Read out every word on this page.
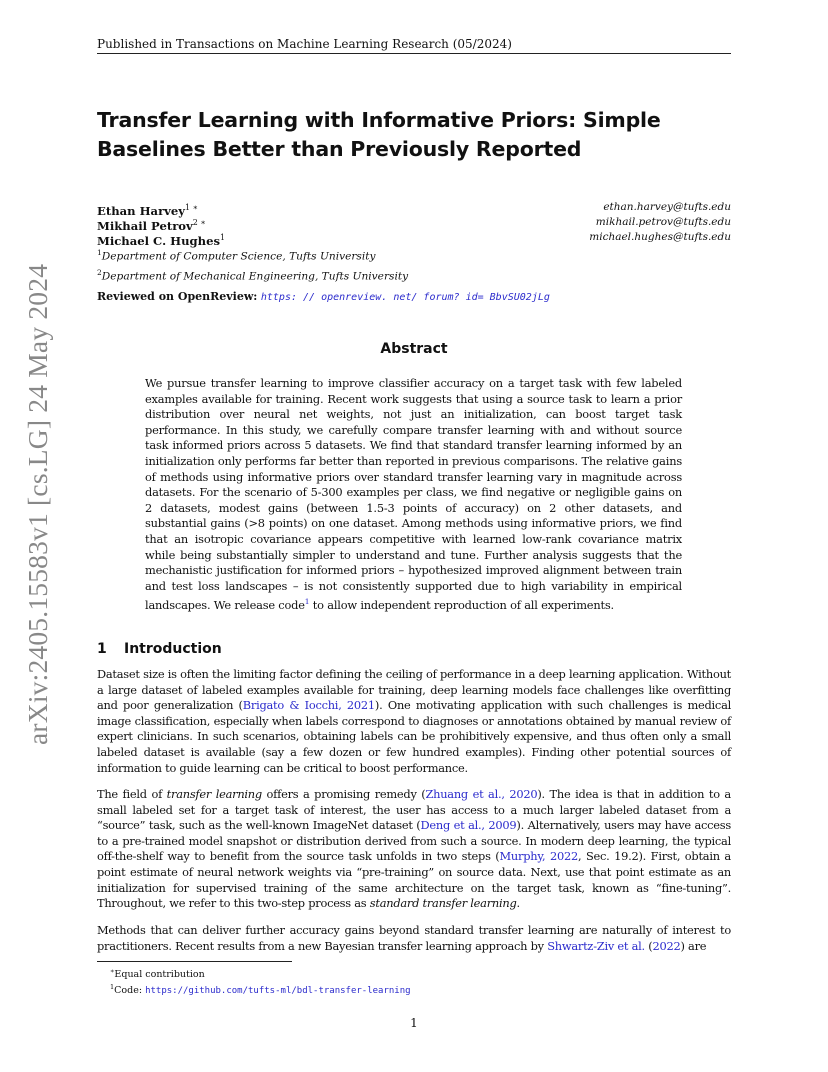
Published in Transactions on Machine Learning Research (05/2024)
arXiv:2405.15583v1 [cs.LG] 24 May 2024
Transfer Learning with Informative Priors: Simple Baselines Better than Previously Reported
Ethan Harvey$^{1 ∗}$	ethan.harvey@tufts.edu
Mikhail Petrov$^{2 ∗}$	mikhail.petrov@tufts.edu
Michael C. Hughes$^1$	michael.hughes@tufts.edu
$^1$Department of Computer Science, Tufts University
$^2$Department of Mechanical Engineering, Tufts University
Reviewed on OpenReview: https: // openreview. net/ forum? id= BbvSU02jLg
Abstract
We pursue transfer learning to improve classifier accuracy on a target task with few labeled examples available for training. Recent work suggests that using a source task to learn a prior distribution over neural net weights, not just an initialization, can boost target task performance. In this study, we carefully compare transfer learning with and without source task informed priors across 5 datasets. We find that standard transfer learning informed by an initialization only performs far better than reported in previous comparisons. The relative gains of methods using informative priors over standard transfer learning vary in magnitude across datasets. For the scenario of 5-300 examples per class, we find negative or negligible gains on 2 datasets, modest gains (between 1.5-3 points of accuracy) on 2 other datasets, and substantial gains (>8 points) on one dataset. Among methods using informative priors, we find that an isotropic covariance appears competitive with learned low-rank covariance matrix while being substantially simpler to understand and tune. Further analysis suggests that the mechanistic justification for informed priors – hypothesized improved alignment between train and test loss landscapes – is not consistently supported due to high variability in empirical landscapes. We release code$^1$ to allow independent reproduction of all experiments.
1 Introduction
Dataset size is often the limiting factor defining the ceiling of performance in a deep learning application. Without a large dataset of labeled examples available for training, deep learning models face challenges like overfitting and poor generalization (Brigato & Iocchi, 2021). One motivating application with such challenges is medical image classification, especially when labels correspond to diagnoses or annotations obtained by manual review of expert clinicians. In such scenarios, obtaining labels can be prohibitively expensive, and thus often only a small labeled dataset is available (say a few dozen or few hundred examples). Finding other potential sources of information to guide learning can be critical to boost performance.
The field of transfer learning offers a promising remedy (Zhuang et al., 2020). The idea is that in addition to a small labeled set for a target task of interest, the user has access to a much larger labeled dataset from a “source” task, such as the well-known ImageNet dataset (Deng et al., 2009). Alternatively, users may have access to a pre-trained model snapshot or distribution derived from such a source. In modern deep learning, the typical off-the-shelf way to benefit from the source task unfolds in two steps (Murphy, 2022, Sec. 19.2). First, obtain a point estimate of neural network weights via “pre-training” on source data. Next, use that point estimate as an initialization for supervised training of the same architecture on the target task, known as “fine-tuning”. Throughout, we refer to this two-step process as standard transfer learning.
Methods that can deliver further accuracy gains beyond standard transfer learning are naturally of interest to practitioners. Recent results from a new Bayesian transfer learning approach by Shwartz-Ziv et al. (2022) are
∗Equal contribution
$^1$Code: https://github.com/tufts-ml/bdl-transfer-learning
1
